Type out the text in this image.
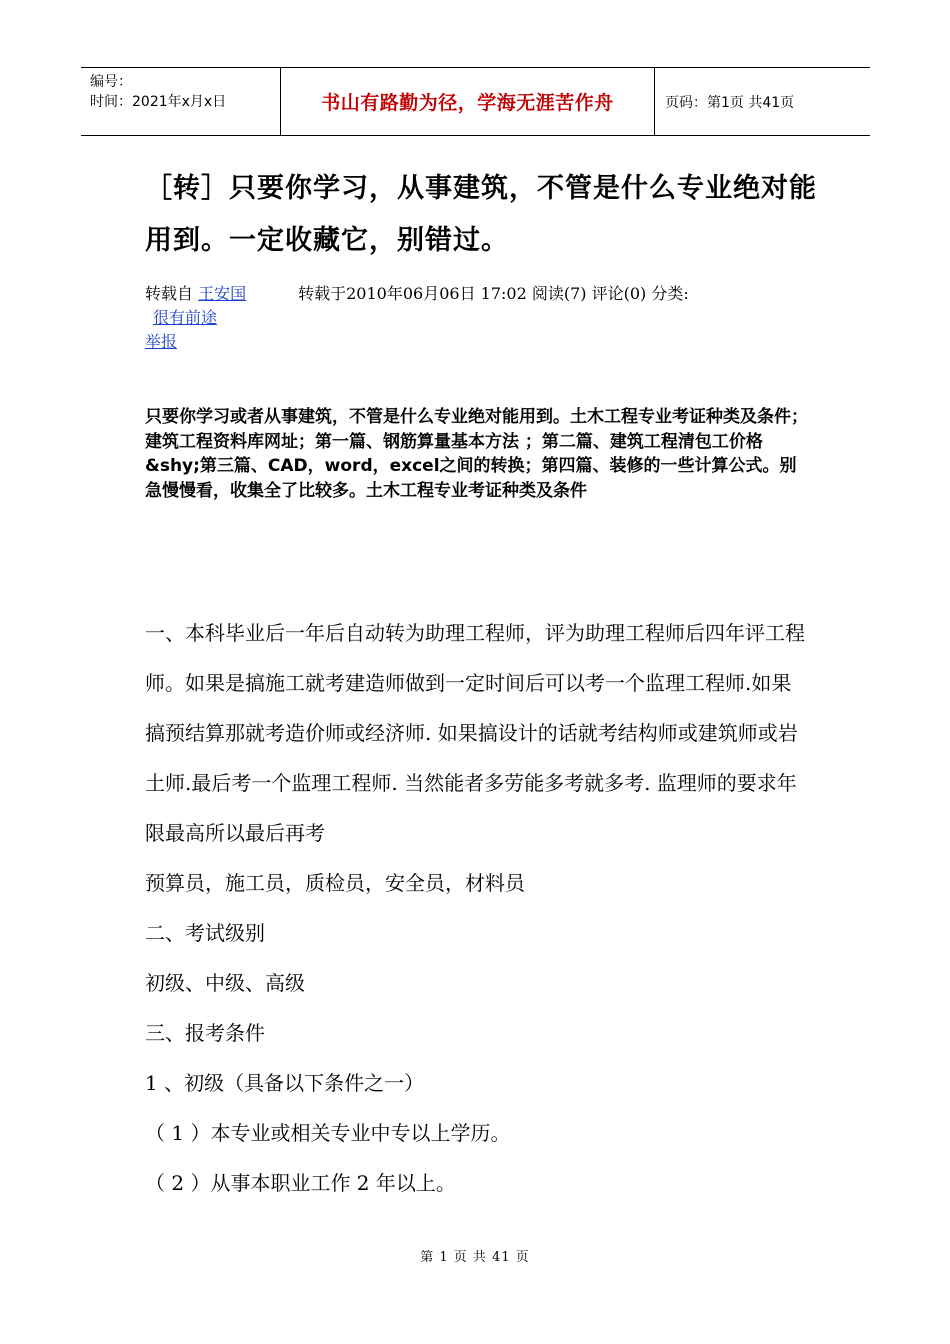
编号：
时间：2021年x月x日	书山有路勤为径，学海无涯苦作舟	页码：第1页 共41页
［转］只要你学习，从事建筑，不管是什么专业绝对能用到。一定收藏它，别错过。
转载自 王安国	转载于2010年06月06日 17:02 阅读(7) 评论(0) 分类:
很有前途
举报
只要你学习或者从事建筑，不管是什么专业绝对能用到。土木工程专业考证种类及条件；建筑工程资料库网址；第一篇、钢筋算量基本方法 ；第二篇、建筑工程清包工价格&shy;第三篇、CAD，word，excel之间的转换；第四篇、装修的一些计算公式。别急慢慢看，收集全了比较多。土木工程专业考证种类及条件

一、本科毕业后一年后自动转为助理工程师，评为助理工程师后四年评工程师。如果是搞施工就考建造师做到一定时间后可以考一个监理工程师.如果搞预结算那就考造价师或经济师. 如果搞设计的话就考结构师或建筑师或岩土师.最后考一个监理工程师. 当然能者多劳能多考就多考. 监理师的要求年限最高所以最后再考

预算员，施工员，质检员，安全员，材料员

二、考试级别

初级、中级、高级

三、报考条件

1 、初级（具备以下条件之一）

（ 1 ）本专业或相关专业中专以上学历。

（ 2 ）从事本职业工作 2 年以上。

第 1 页 共 41 页
